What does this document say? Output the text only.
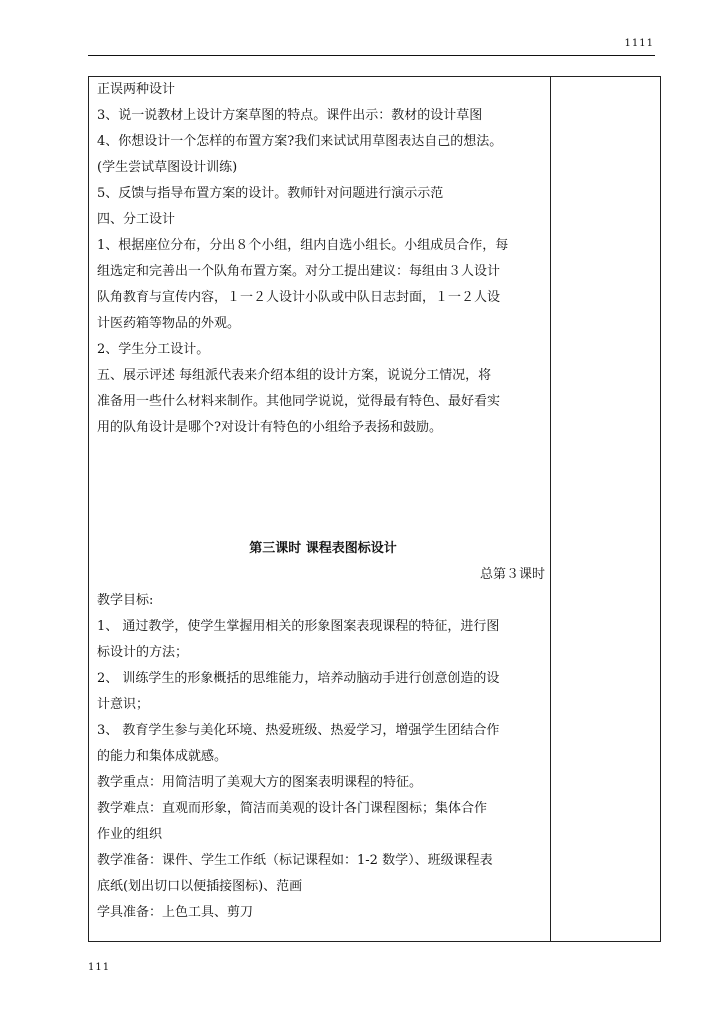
1111
正误两种设计
3、说一说教材上设计方案草图的特点。课件出示：教材的设计草图
4、你想设计一个怎样的布置方案?我们来试试用草图表达自己的想法。
(学生尝试草图设计训练)
5、反馈与指导布置方案的设计。教师针对问题进行演示示范
四、分工设计
1、根据座位分布，分出８个小组，组内自选小组长。小组成员合作，每
组选定和完善出一个队角布置方案。对分工提出建议：每组由３人设计
队角教育与宣传内容，１一２人设计小队或中队日志封面，１一２人设
计医药箱等物品的外观。
2、学生分工设计。
五、展示评述 每组派代表来介绍本组的设计方案，说说分工情况，将
准备用一些什么材料来制作。其他同学说说，觉得最有特色、最好看实
用的队角设计是哪个?对设计有特色的小组给予表扬和鼓励。
第三课时 课程表图标设计
总第３课时
教学目标:
1、 通过教学，使学生掌握用相关的形象图案表现课程的特征，进行图
标设计的方法；
2、 训练学生的形象概括的思维能力，培养动脑动手进行创意创造的设
计意识；
3、 教育学生参与美化环境、热爱班级、热爱学习，增强学生团结合作
的能力和集体成就感。
教学重点：用简洁明了美观大方的图案表明课程的特征。
教学难点：直观而形象，简洁而美观的设计各门课程图标；集体合作
作业的组织
教学准备：课件、学生工作纸（标记课程如：1-2 数学）、班级课程表
底纸(划出切口以便插接图标)、范画
学具准备：上色工具、剪刀
111
